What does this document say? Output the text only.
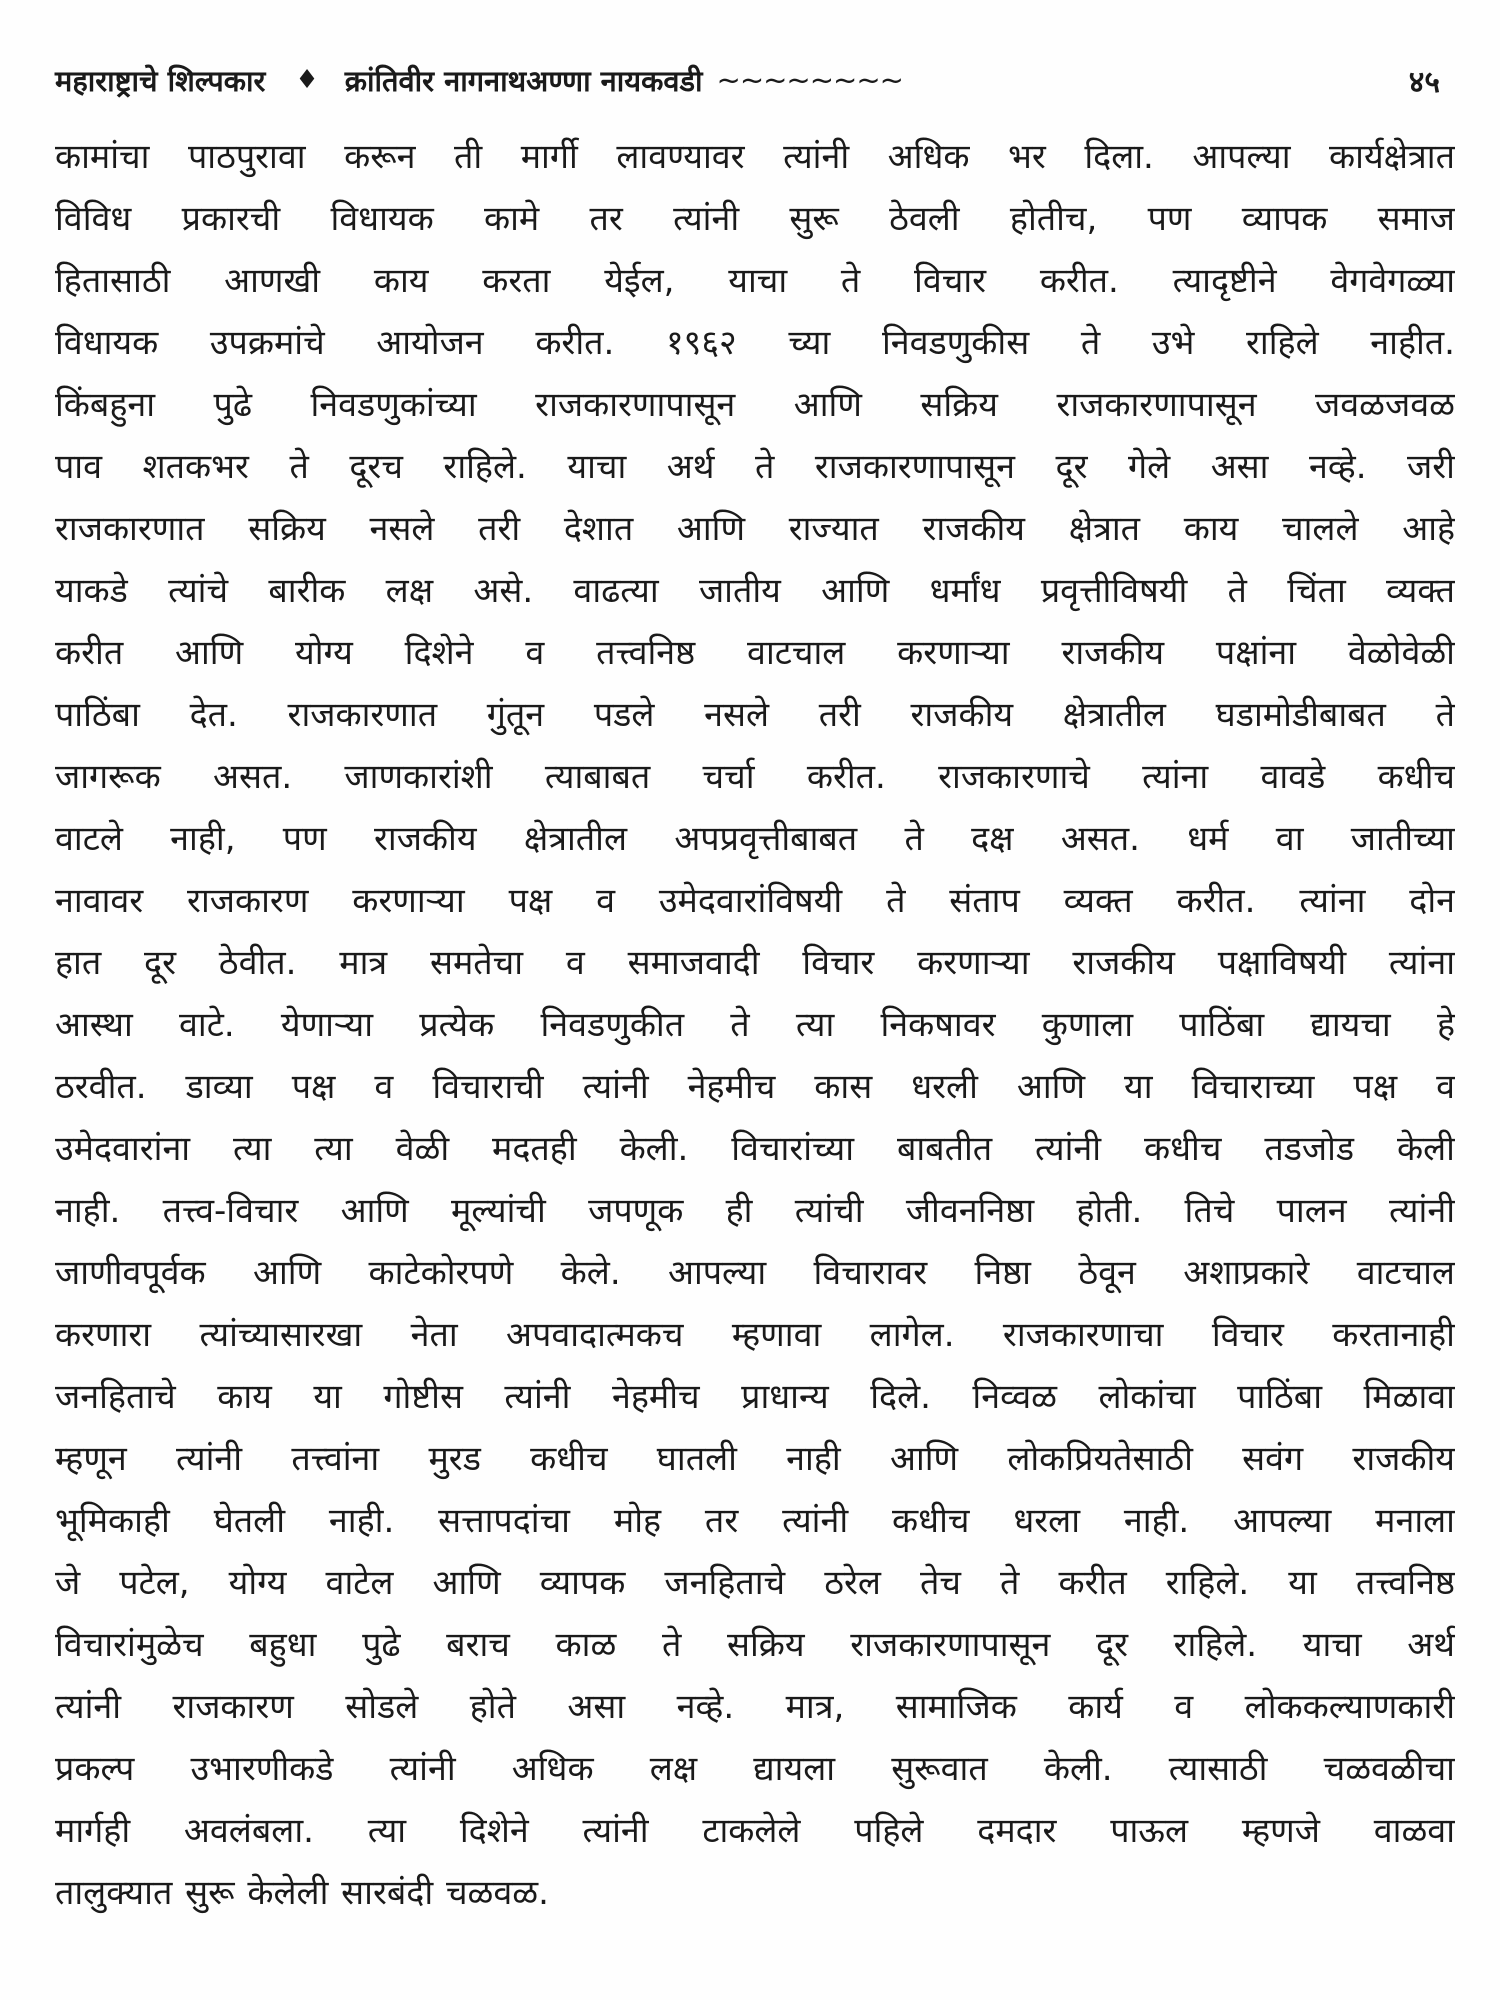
महाराष्ट्राचे शिल्पकार ♦ क्रांतिवीर नागनाथअण्णा नायकवडी ~~~~~~~~	४५
कामांचा पाठपुरावा करून ती मार्गी लावण्यावर त्यांनी अधिक भर दिला. आपल्या कार्यक्षेत्रात
विविध प्रकारची विधायक कामे तर त्यांनी सुरू ठेवली होतीच, पण व्यापक समाज
हितासाठी आणखी काय करता येईल, याचा ते विचार करीत. त्यादृष्टीने वेगवेगळ्या
विधायक उपक्रमांचे आयोजन करीत. १९६२ च्या निवडणुकीस ते उभे राहिले नाहीत.
किंबहुना पुढे निवडणुकांच्या राजकारणापासून आणि सक्रिय राजकारणापासून जवळजवळ
पाव शतकभर ते दूरच राहिले. याचा अर्थ ते राजकारणापासून दूर गेले असा नव्हे. जरी
राजकारणात सक्रिय नसले तरी देशात आणि राज्यात राजकीय क्षेत्रात काय चालले आहे
याकडे त्यांचे बारीक लक्ष असे. वाढत्या जातीय आणि धर्मांध प्रवृत्तीविषयी ते चिंता व्यक्त
करीत आणि योग्य दिशेने व तत्त्वनिष्ठ वाटचाल करणाऱ्या राजकीय पक्षांना वेळोवेळी
पाठिंबा देत. राजकारणात गुंतून पडले नसले तरी राजकीय क्षेत्रातील घडामोडीबाबत ते
जागरूक असत. जाणकारांशी त्याबाबत चर्चा करीत. राजकारणाचे त्यांना वावडे कधीच
वाटले नाही, पण राजकीय क्षेत्रातील अपप्रवृत्तीबाबत ते दक्ष असत. धर्म वा जातीच्या
नावावर राजकारण करणाऱ्या पक्ष व उमेदवारांविषयी ते संताप व्यक्त करीत. त्यांना दोन
हात दूर ठेवीत. मात्र समतेचा व समाजवादी विचार करणाऱ्या राजकीय पक्षाविषयी त्यांना
आस्था वाटे. येणाऱ्या प्रत्येक निवडणुकीत ते त्या निकषावर कुणाला पाठिंबा द्यायचा हे
ठरवीत. डाव्या पक्ष व विचाराची त्यांनी नेहमीच कास धरली आणि या विचाराच्या पक्ष व
उमेदवारांना त्या त्या वेळी मदतही केली. विचारांच्या बाबतीत त्यांनी कधीच तडजोड केली
नाही. तत्त्व-विचार आणि मूल्यांची जपणूक ही त्यांची जीवननिष्ठा होती. तिचे पालन त्यांनी
जाणीवपूर्वक आणि काटेकोरपणे केले. आपल्या विचारावर निष्ठा ठेवून अशाप्रकारे वाटचाल
करणारा त्यांच्यासारखा नेता अपवादात्मकच म्हणावा लागेल. राजकारणाचा विचार करतानाही
जनहिताचे काय या गोष्टीस त्यांनी नेहमीच प्राधान्य दिले. निव्वळ लोकांचा पाठिंबा मिळावा
म्हणून त्यांनी तत्त्वांना मुरड कधीच घातली नाही आणि लोकप्रियतेसाठी सवंग राजकीय
भूमिकाही घेतली नाही. सत्तापदांचा मोह तर त्यांनी कधीच धरला नाही. आपल्या मनाला
जे पटेल, योग्य वाटेल आणि व्यापक जनहिताचे ठरेल तेच ते करीत राहिले. या तत्त्वनिष्ठ
विचारांमुळेच बहुधा पुढे बराच काळ ते सक्रिय राजकारणापासून दूर राहिले. याचा अर्थ
त्यांनी राजकारण सोडले होते असा नव्हे. मात्र, सामाजिक कार्य व लोककल्याणकारी
प्रकल्प उभारणीकडे त्यांनी अधिक लक्ष द्यायला सुरूवात केली. त्यासाठी चळवळीचा
मार्गही अवलंबला. त्या दिशेने त्यांनी टाकलेले पहिले दमदार पाऊल म्हणजे वाळवा
तालुक्यात सुरू केलेली सारबंदी चळवळ.
